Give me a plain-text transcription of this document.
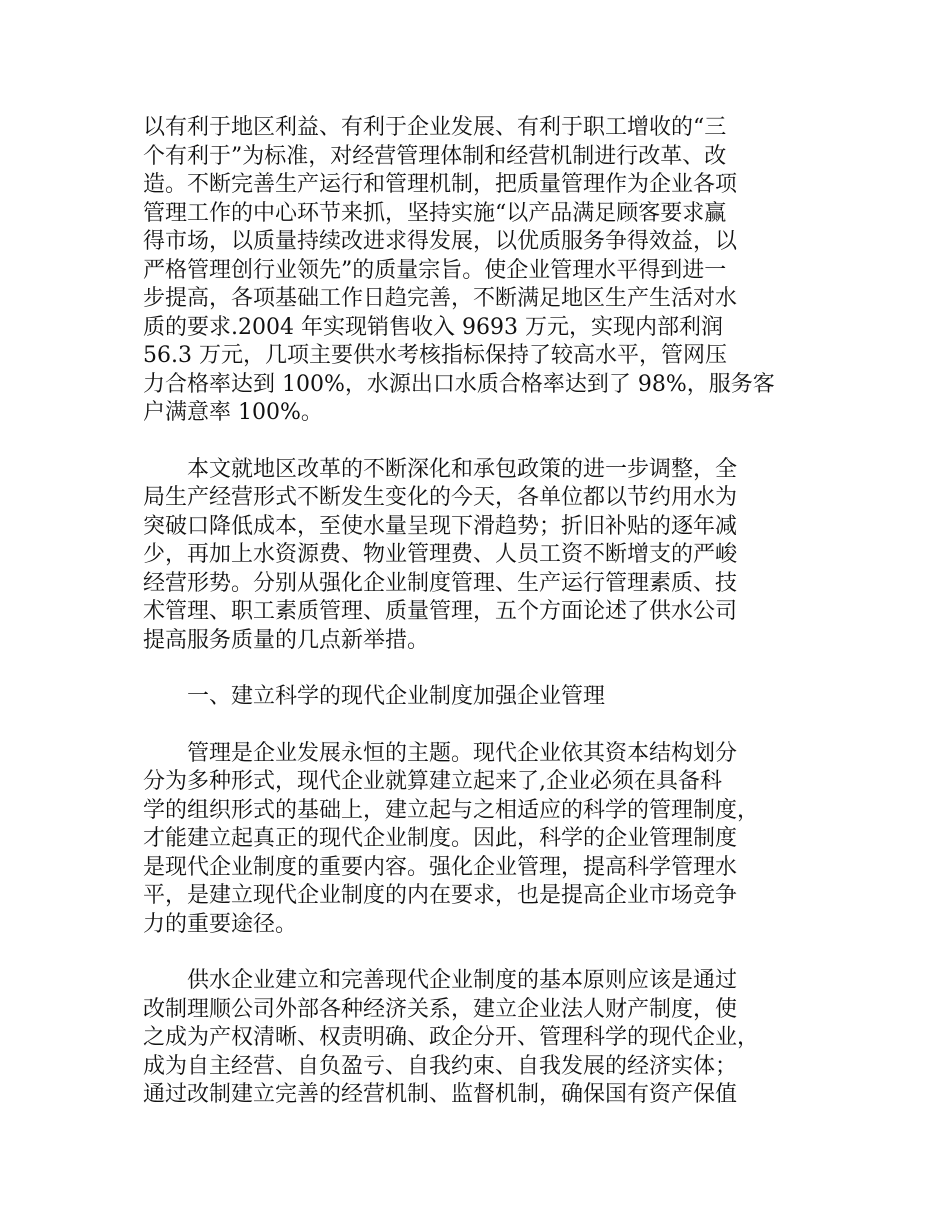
以有利于地区利益、有利于企业发展、有利于职工增收的“三
个有利于”为标准，对经营管理体制和经营机制进行改革、改
造。不断完善生产运行和管理机制，把质量管理作为企业各项
管理工作的中心环节来抓，坚持实施“以产品满足顾客要求赢
得市场，以质量持续改进求得发展，以优质服务争得效益，以
严格管理创行业领先”的质量宗旨。使企业管理水平得到进一
步提高，各项基础工作日趋完善，不断满足地区生产生活对水
质的要求.2004 年实现销售收入 9693 万元，实现内部利润
56.3 万元，几项主要供水考核指标保持了较高水平，管网压
力合格率达到 100%，水源出口水质合格率达到了 98%，服务客
户满意率 100%。
本文就地区改革的不断深化和承包政策的进一步调整，全
局生产经营形式不断发生变化的今天，各单位都以节约用水为
突破口降低成本，至使水量呈现下滑趋势；折旧补贴的逐年减
少，再加上水资源费、物业管理费、人员工资不断增支的严峻
经营形势。分别从强化企业制度管理、生产运行管理素质、技
术管理、职工素质管理、质量管理，五个方面论述了供水公司
提高服务质量的几点新举措。
一、建立科学的现代企业制度加强企业管理
管理是企业发展永恒的主题。现代企业依其资本结构划分
分为多种形式，现代企业就算建立起来了,企业必须在具备科
学的组织形式的基础上，建立起与之相适应的科学的管理制度，
才能建立起真正的现代企业制度。因此，科学的企业管理制度
是现代企业制度的重要内容。强化企业管理，提高科学管理水
平，是建立现代企业制度的内在要求，也是提高企业市场竞争
力的重要途径。
供水企业建立和完善现代企业制度的基本原则应该是通过
改制理顺公司外部各种经济关系，建立企业法人财产制度，使
之成为产权清晰、权责明确、政企分开、管理科学的现代企业，
成为自主经营、自负盈亏、自我约束、自我发展的经济实体；
通过改制建立完善的经营机制、监督机制，确保国有资产保值
